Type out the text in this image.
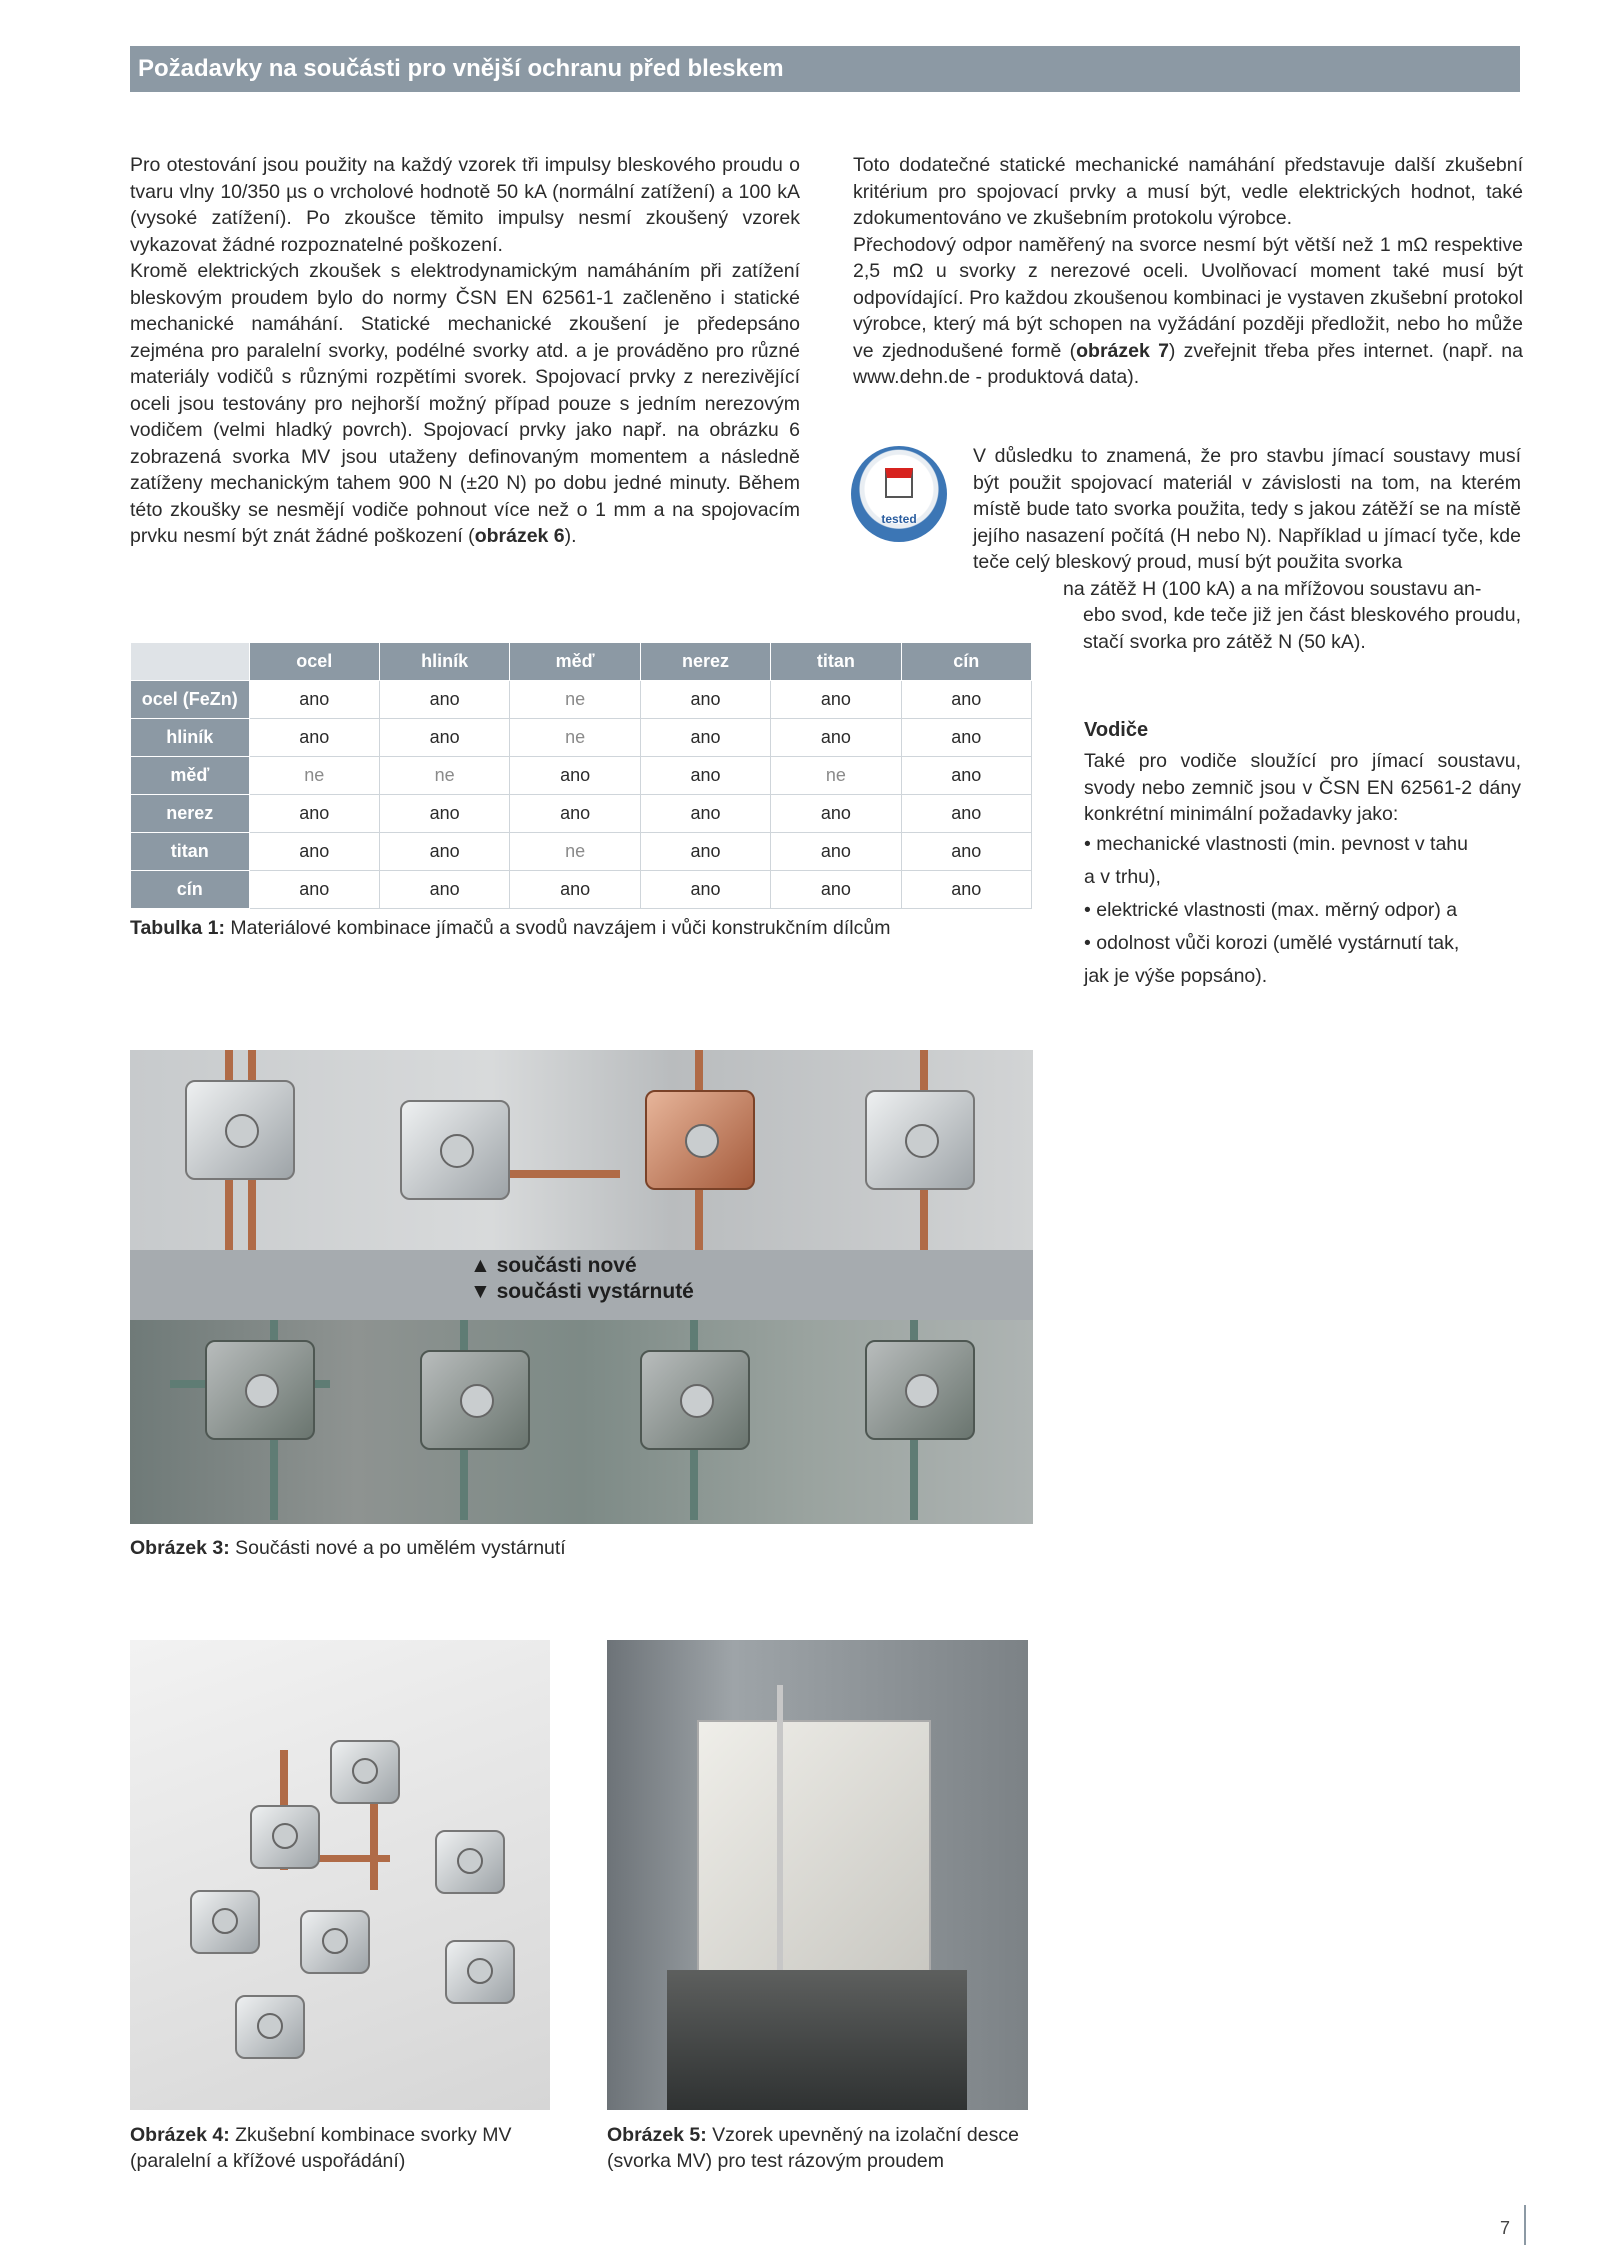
Požadavky na součásti pro vnější ochranu před bleskem

Pro otestování jsou použity na každý vzorek tři impulsy bleskového proudu o tvaru vlny 10/350 µs o vrcholové hodnotě 50 kA (normální zatížení) a 100 kA (vysoké zatížení). Po zkoušce těmito impulsy nesmí zkoušený vzorek vykazovat žádné rozpoznatelné poškození.

Kromě elektrických zkoušek s elektrodynamickým namáháním při zatížení bleskovým proudem bylo do normy ČSN EN 62561-1 začleněno i statické mechanické namáhání. Statické mechanické zkoušení je předepsáno zejména pro paralelní svorky, podélné svorky atd. a je prováděno pro různé materiály vodičů s různými rozpětími svorek. Spojovací prvky z nerezivějící oceli jsou testovány pro nejhorší možný případ pouze s jedním nerezovým vodičem (velmi hladký povrch). Spojovací prvky jako např. na obrázku 6 zobrazená svorka MV jsou utaženy definovaným momentem a následně zatíženy mechanickým tahem 900 N (±20 N) po dobu jedné minuty. Během této zkoušky se nesmějí vodiče pohnout více než o 1 mm a na spojovacím prvku nesmí být znát žádné poškození (obrázek 6).

Toto dodatečné statické mechanické namáhání představuje další zkušební kritérium pro spojovací prvky a musí být, vedle elektrických hodnot, také zdokumentováno ve zkušebním protokolu výrobce.

Přechodový odpor naměřený na svorce nesmí být větší než 1 mΩ respektive 2,5 mΩ u svorky z nerezové oceli. Uvolňovací moment také musí být odpovídající. Pro každou zkoušenou kombinaci je vystaven zkušební protokol výrobce, který má být schopen na vyžádání později předložit, nebo ho může ve zjednodušené formě (obrázek 7) zveřejnit třeba přes internet. (např. na www.dehn.de - produktová data).

tested
V důsledku to znamená, že pro stavbu jímací soustavy musí být použit spojovací materiál v závislosti na tom, na kterém místě bude tato svorka použita, tedy s jakou zátěží se na místě jejího nasazení počítá (H nebo N). Například u jímací tyče, kde teče celý bleskový proud, musí být použita svorka
na zátěž H (100 kA) a na mřížovou soustavu an-
ebo svod, kde teče již jen část bleskového proudu, stačí svorka pro zátěž N (50 kA).
	ocel	hliník	měď	nerez	titan	cín
ocel (FeZn)	ano	ano	ne	ano	ano	ano
hliník	ano	ano	ne	ano	ano	ano
měď	ne	ne	ano	ano	ne	ano
nerez	ano	ano	ano	ano	ano	ano
titan	ano	ano	ne	ano	ano	ano
cín	ano	ano	ano	ano	ano	ano
Tabulka 1: Materiálové kombinace jímačů a svodů navzájem i vůči konstrukčním dílcům
Vodiče

Také pro vodiče sloužící pro jímací soustavu, svody nebo zemnič jsou v ČSN EN 62561-2 dány konkrétní minimální požadavky jako:

• mechanické vlastnosti (min. pevnost v tahu

a v trhu),

• elektrické vlastnosti (max. měrný odpor) a

• odolnost vůči korozi (umělé vystárnutí tak,

jak je výše popsáno).

▲ součásti nové
▼ součásti vystárnuté
Obrázek 3: Součásti nové a po umělém vystárnutí
Obrázek 4: Zkušební kombinace svorky MV (paralelní a křížové uspořádání)
Obrázek 5: Vzorek upevněný na izolační desce (svorka MV) pro test rázovým proudem
7
